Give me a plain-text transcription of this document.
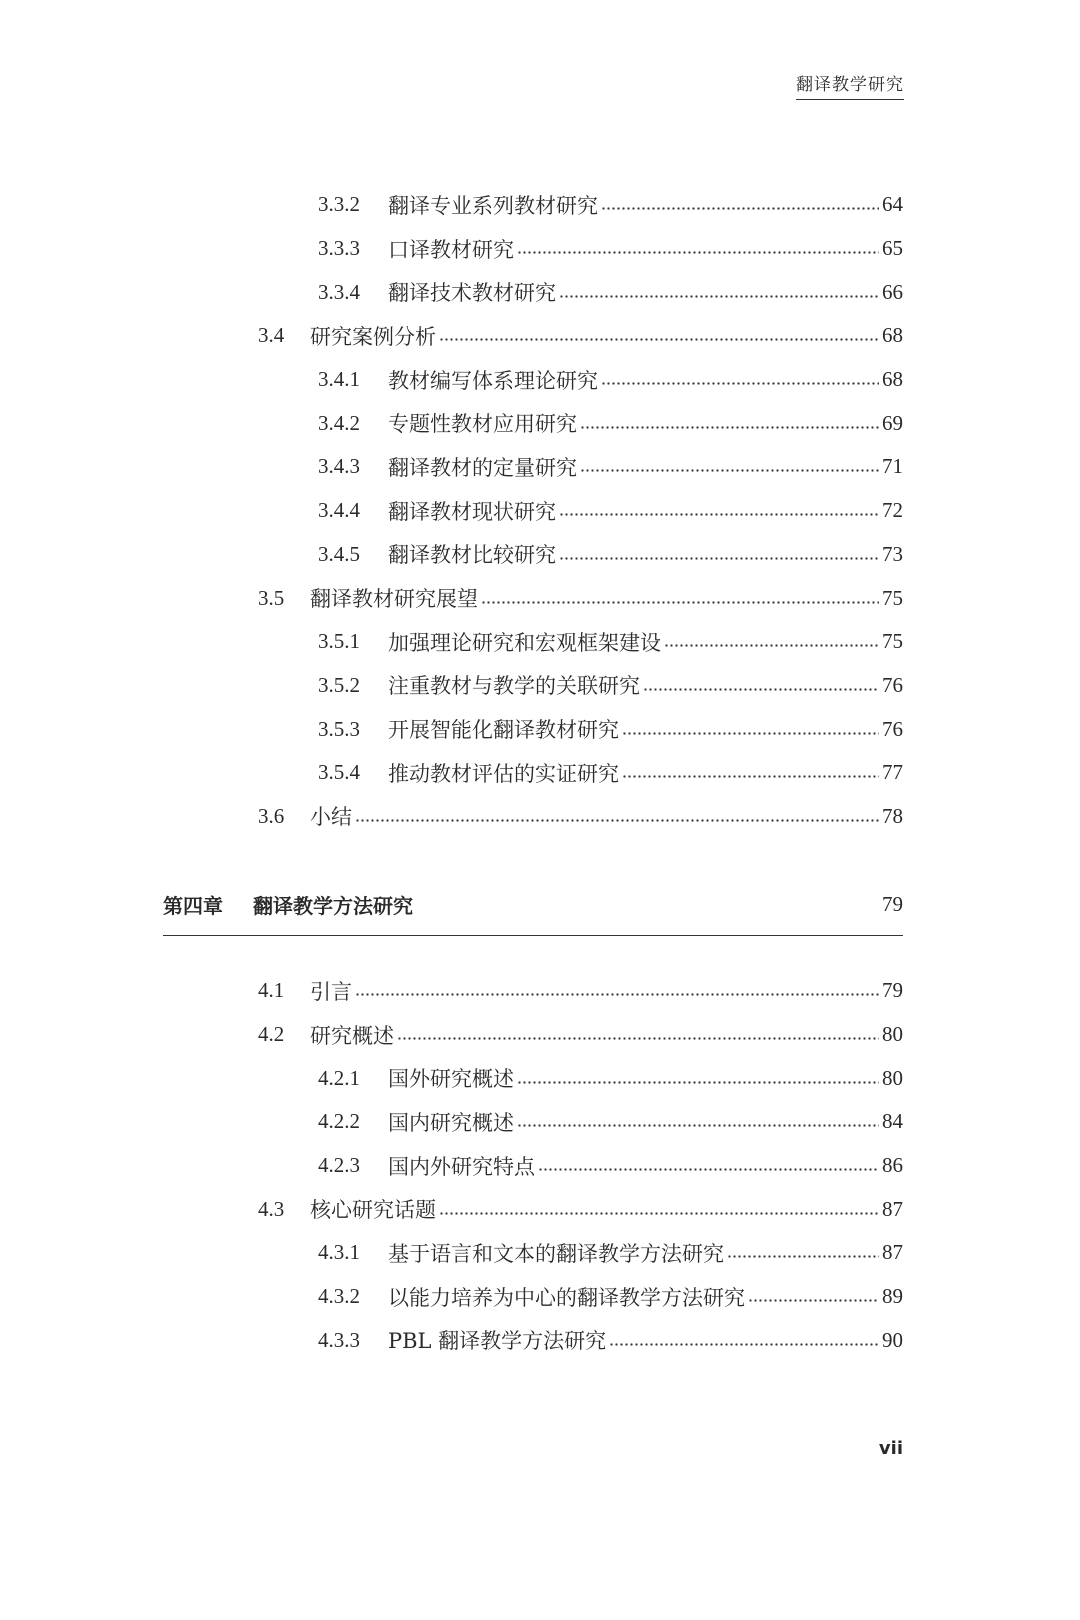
翻译教学研究
3.3.2	翻译专业系列教材研究	64
3.3.3	口译教材研究	65
3.3.4	翻译技术教材研究	66
3.4	研究案例分析	68
3.4.1	教材编写体系理论研究	68
3.4.2	专题性教材应用研究	69
3.4.3	翻译教材的定量研究	71
3.4.4	翻译教材现状研究	72
3.4.5	翻译教材比较研究	73
3.5	翻译教材研究展望	75
3.5.1	加强理论研究和宏观框架建设	75
3.5.2	注重教材与教学的关联研究	76
3.5.3	开展智能化翻译教材研究	76
3.5.4	推动教材评估的实证研究	77
3.6	小结	78
第四章	翻译教学方法研究	79
4.1	引言	79
4.2	研究概述	80
4.2.1	国外研究概述	80
4.2.2	国内研究概述	84
4.2.3	国内外研究特点	86
4.3	核心研究话题	87
4.3.1	基于语言和文本的翻译教学方法研究	87
4.3.2	以能力培养为中心的翻译教学方法研究	89
4.3.3	PBL 翻译教学方法研究	90
vii
